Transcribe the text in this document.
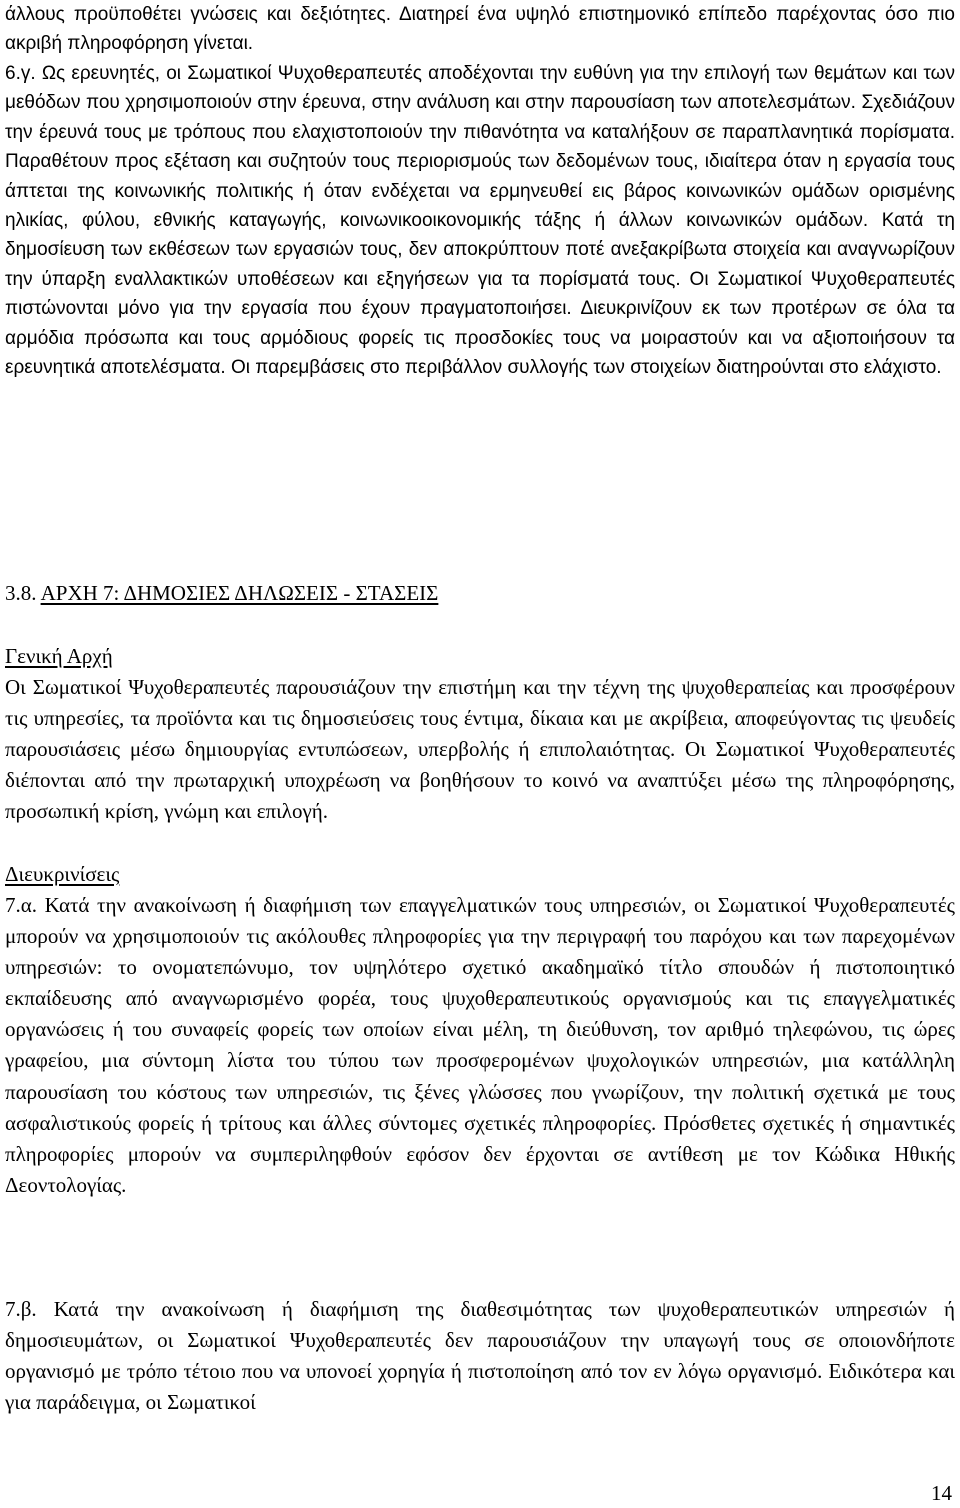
άλλους προϋποθέτει γνώσεις και δεξιότητες. Διατηρεί ένα υψηλό επιστημονικό επίπεδο παρέχοντας όσο πιο ακριβή πληροφόρηση γίνεται.
6.γ. Ως ερευνητές, οι Σωματικοί Ψυχοθεραπευτές αποδέχονται την ευθύνη για την επιλογή των θεμάτων και των μεθόδων που χρησιμοποιούν στην έρευνα, στην ανάλυση και στην παρουσίαση των αποτελεσμάτων. Σχεδιάζουν την έρευνά τους με τρόπους που ελαχιστοποιούν την πιθανότητα να καταλήξουν σε παραπλανητικά πορίσματα. Παραθέτουν προς εξέταση και συζητούν τους περιορισμούς των δεδομένων τους, ιδιαίτερα όταν η εργασία τους άπτεται της κοινωνικής πολιτικής ή όταν ενδέχεται να ερμηνευθεί εις βάρος κοινωνικών ομάδων ορισμένης ηλικίας, φύλου, εθνικής καταγωγής, κοινωνικοοικονομικής τάξης ή άλλων κοινωνικών ομάδων. Κατά τη δημοσίευση των εκθέσεων των εργασιών τους, δεν αποκρύπτουν ποτέ ανεξακρίβωτα στοιχεία και αναγνωρίζουν την ύπαρξη εναλλακτικών υποθέσεων και εξηγήσεων για τα πορίσματά τους. Οι Σωματικοί Ψυχοθεραπευτές πιστώνονται μόνο για την εργασία που έχουν πραγματοποιήσει. Διευκρινίζουν εκ των προτέρων σε όλα τα αρμόδια πρόσωπα και τους αρμόδιους φορείς τις προσδοκίες τους να μοιραστούν και να αξιοποιήσουν τα ερευνητικά αποτελέσματα. Οι παρεμβάσεις στο περιβάλλον συλλογής των στοιχείων διατηρούνται στο ελάχιστο.
3.8. ΑΡΧΗ 7: ΔΗΜΟΣΙΕΣ ΔΗΛΩΣΕΙΣ - ΣΤΑΣΕΙΣ
Γενική Αρχή
Οι Σωματικοί Ψυχοθεραπευτές παρουσιάζουν την επιστήμη και την τέχνη της ψυχοθεραπείας και προσφέρουν τις υπηρεσίες, τα προϊόντα και τις δημοσιεύσεις τους έντιμα, δίκαια και με ακρίβεια, αποφεύγοντας τις ψευδείς παρουσιάσεις μέσω δημιουργίας εντυπώσεων, υπερβολής ή επιπολαιότητας. Οι Σωματικοί Ψυχοθεραπευτές διέπονται από την πρωταρχική υποχρέωση να βοηθήσουν το κοινό να αναπτύξει μέσω της πληροφόρησης, προσωπική κρίση, γνώμη και επιλογή.
Διευκρινίσεις
7.α. Κατά την ανακοίνωση ή διαφήμιση των επαγγελματικών τους υπηρεσιών, οι Σωματικοί Ψυχοθεραπευτές μπορούν να χρησιμοποιούν τις ακόλουθες πληροφορίες για την περιγραφή του παρόχου και των παρεχομένων υπηρεσιών: το ονοματεπώνυμο, τον υψηλότερο σχετικό ακαδημαϊκό τίτλο σπουδών ή πιστοποιητικό εκπαίδευσης από αναγνωρισμένο φορέα, τους ψυχοθεραπευτικούς οργανισμούς και τις επαγγελματικές οργανώσεις ή του συναφείς φορείς των οποίων είναι μέλη, τη διεύθυνση, τον αριθμό τηλεφώνου, τις ώρες γραφείου, μια σύντομη λίστα του τύπου των προσφερομένων ψυχολογικών υπηρεσιών, μια κατάλληλη παρουσίαση του κόστους των υπηρεσιών, τις ξένες γλώσσες που γνωρίζουν, την πολιτική σχετικά με τους ασφαλιστικούς φορείς ή τρίτους και άλλες σύντομες σχετικές πληροφορίες. Πρόσθετες σχετικές ή σημαντικές πληροφορίες μπορούν να συμπεριληφθούν εφόσον δεν έρχονται σε αντίθεση με τον Κώδικα Ηθικής Δεοντολογίας.
7.β. Κατά την ανακοίνωση ή διαφήμιση της διαθεσιμότητας των ψυχοθεραπευτικών υπηρεσιών ή δημοσιευμάτων, οι Σωματικοί Ψυχοθεραπευτές δεν παρουσιάζουν την υπαγωγή τους σε οποιονδήποτε οργανισμό με τρόπο τέτοιο που να υπονοεί χορηγία ή πιστοποίηση από τον εν λόγω οργανισμό. Ειδικότερα και για παράδειγμα, οι Σωματικοί
14
